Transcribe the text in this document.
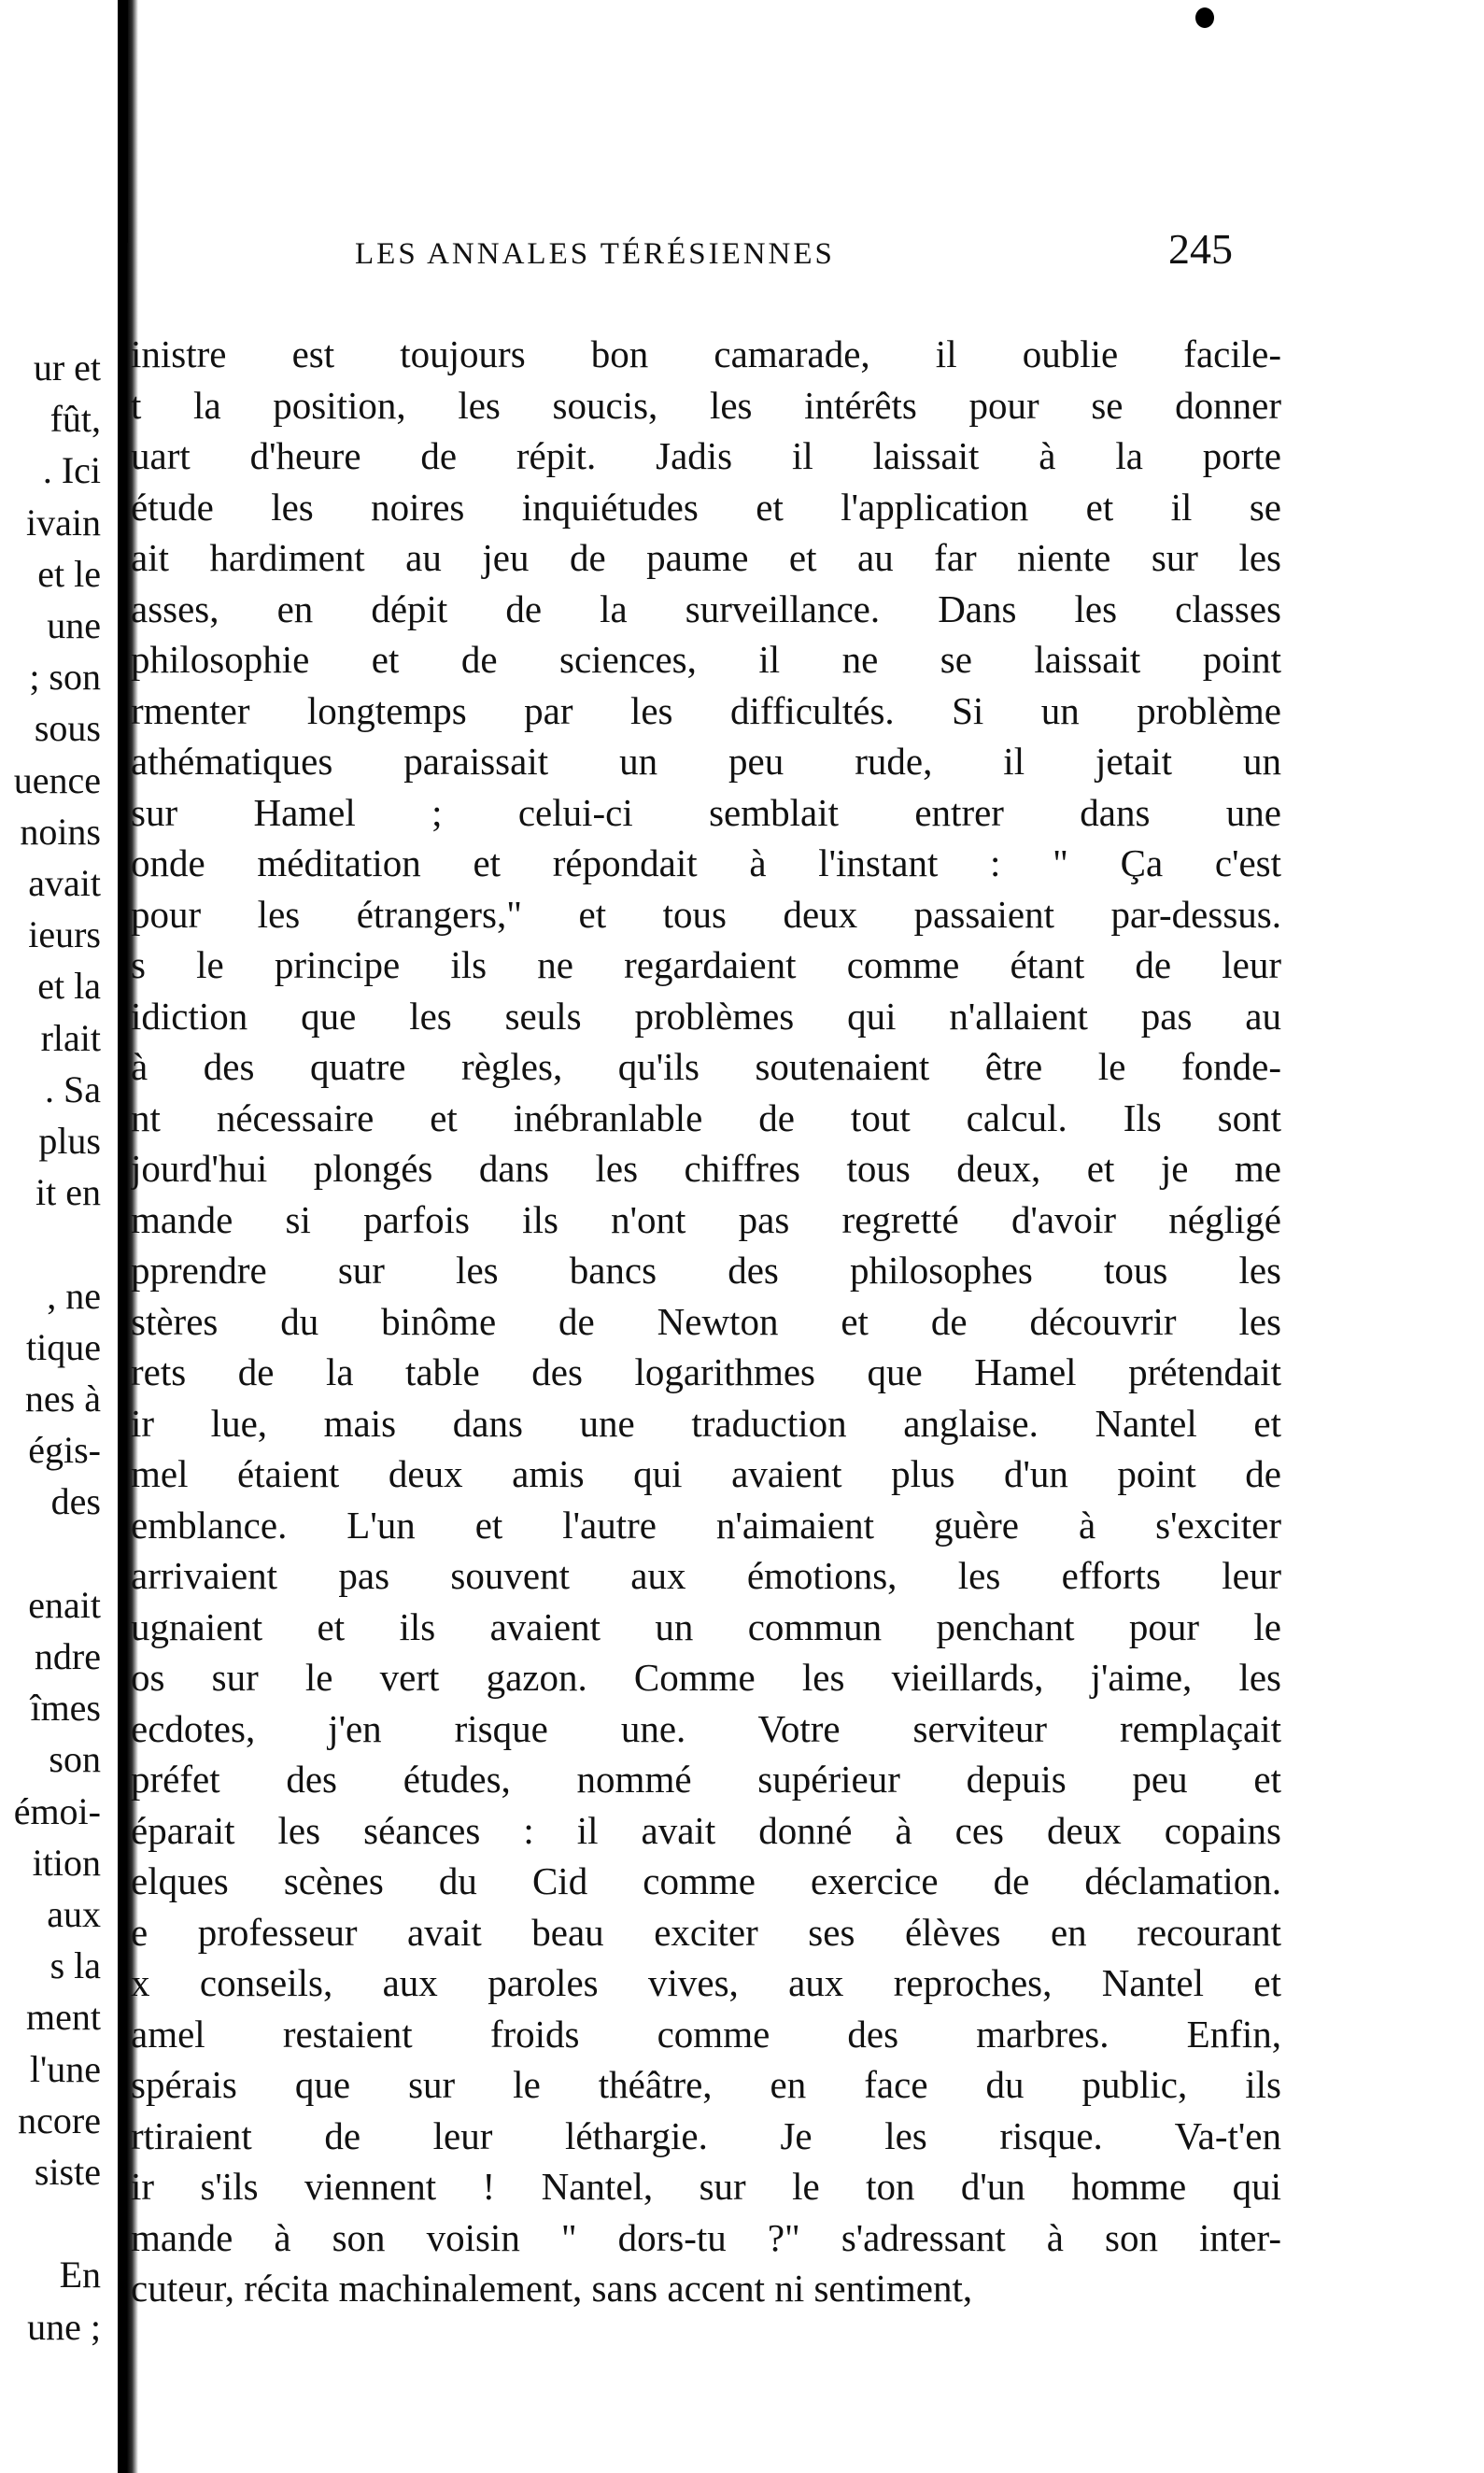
LES ANNALES TÉRÉSIENNES	245
ur et
fût,
. Ici
ivain
et le
une
; son
sous
uence
noins
avait
ieurs
et la
rlait
. Sa
plus
it en
, ne
tique
nes à
égis-
des
enait
ndre
îmes
son
émoi-
ition
aux
s la
ment
l'une
ncore
siste
En
une ;
inistre est toujours bon camarade, il oublie facile-
t la position, les soucis, les intérêts pour se donner
uart d'heure de répit. Jadis il laissait à la porte
étude les noires inquiétudes et l'application et il se
ait hardiment au jeu de paume et au far niente sur les
asses, en dépit de la surveillance. Dans les classes
philosophie et de sciences, il ne se laissait point
rmenter longtemps par les difficultés. Si un problème
athématiques paraissait un peu rude, il jetait un
sur Hamel ; celui-ci semblait entrer dans une
onde méditation et répondait à l'instant : " Ça c'est
pour les étrangers," et tous deux passaient par-dessus.
s le principe ils ne regardaient comme étant de leur
idiction que les seuls problèmes qui n'allaient pas au
à des quatre règles, qu'ils soutenaient être le fonde-
nt nécessaire et inébranlable de tout calcul. Ils sont
jourd'hui plongés dans les chiffres tous deux, et je me
mande si parfois ils n'ont pas regretté d'avoir négligé
pprendre sur les bancs des philosophes tous les
stères du binôme de Newton et de découvrir les
rets de la table des logarithmes que Hamel prétendait
ir lue, mais dans une traduction anglaise. Nantel et
mel étaient deux amis qui avaient plus d'un point de
emblance. L'un et l'autre n'aimaient guère à s'exciter
arrivaient pas souvent aux émotions, les efforts leur
ugnaient et ils avaient un commun penchant pour le
os sur le vert gazon. Comme les vieillards, j'aime, les
ecdotes, j'en risque une. Votre serviteur remplaçait
préfet des études, nommé supérieur depuis peu et
éparait les séances : il avait donné à ces deux copains
elques scènes du Cid comme exercice de déclamation.
e professeur avait beau exciter ses élèves en recourant
x conseils, aux paroles vives, aux reproches, Nantel et
amel restaient froids comme des marbres. Enfin,
spérais que sur le théâtre, en face du public, ils
rtiraient de leur léthargie. Je les risque. Va-t'en
ir s'ils viennent ! Nantel, sur le ton d'un homme qui
mande à son voisin " dors-tu ?" s'adressant à son inter-
cuteur, récita machinalement, sans accent ni sentiment,
